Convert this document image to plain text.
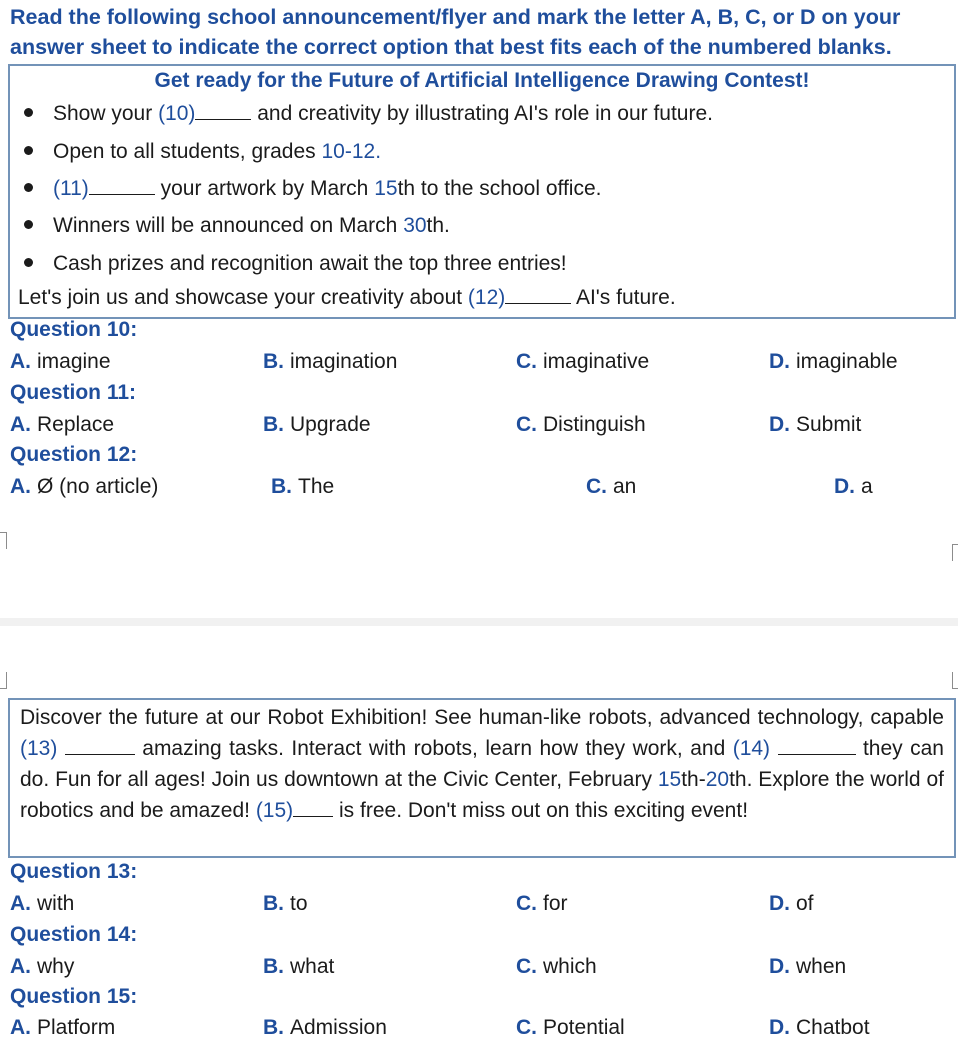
Read the following school announcement/flyer and mark the letter A, B, C, or D on your answer sheet to indicate the correct option that best fits each of the numbered blanks.
Get ready for the Future of Artificial Intelligence Drawing Contest!
Show your (10)	and creativity by illustrating AI's role in our future.
Open to all students, grades 10-12.
(11)	your artwork by March 15th to the school office.
Winners will be announced on March 30th.
Cash prizes and recognition await the top three entries!
Let's join us and showcase your creativity about (12)	AI's future.
Question 10:
A. imagine	B. imagination	C. imaginative	D. imaginable
Question 11:
A. Replace	B. Upgrade	C. Distinguish	D. Submit
Question 12:
A. Ø (no article)	B. The	C. an	D. a
Discover the future at our Robot Exhibition! See human-like robots, advanced technology, capable (13)	amazing tasks. Interact with robots, learn how they work, and (14)	they can do. Fun for all ages! Join us downtown at the Civic Center, February 15th-20th. Explore the world of robotics and be amazed! (15) is free. Don't miss out on this exciting event!
Question 13:
A. with	B. to	C. for	D. of
Question 14:
A. why	B. what	C. which	D. when
Question 15:
A. Platform	B. Admission	C. Potential	D. Chatbot
